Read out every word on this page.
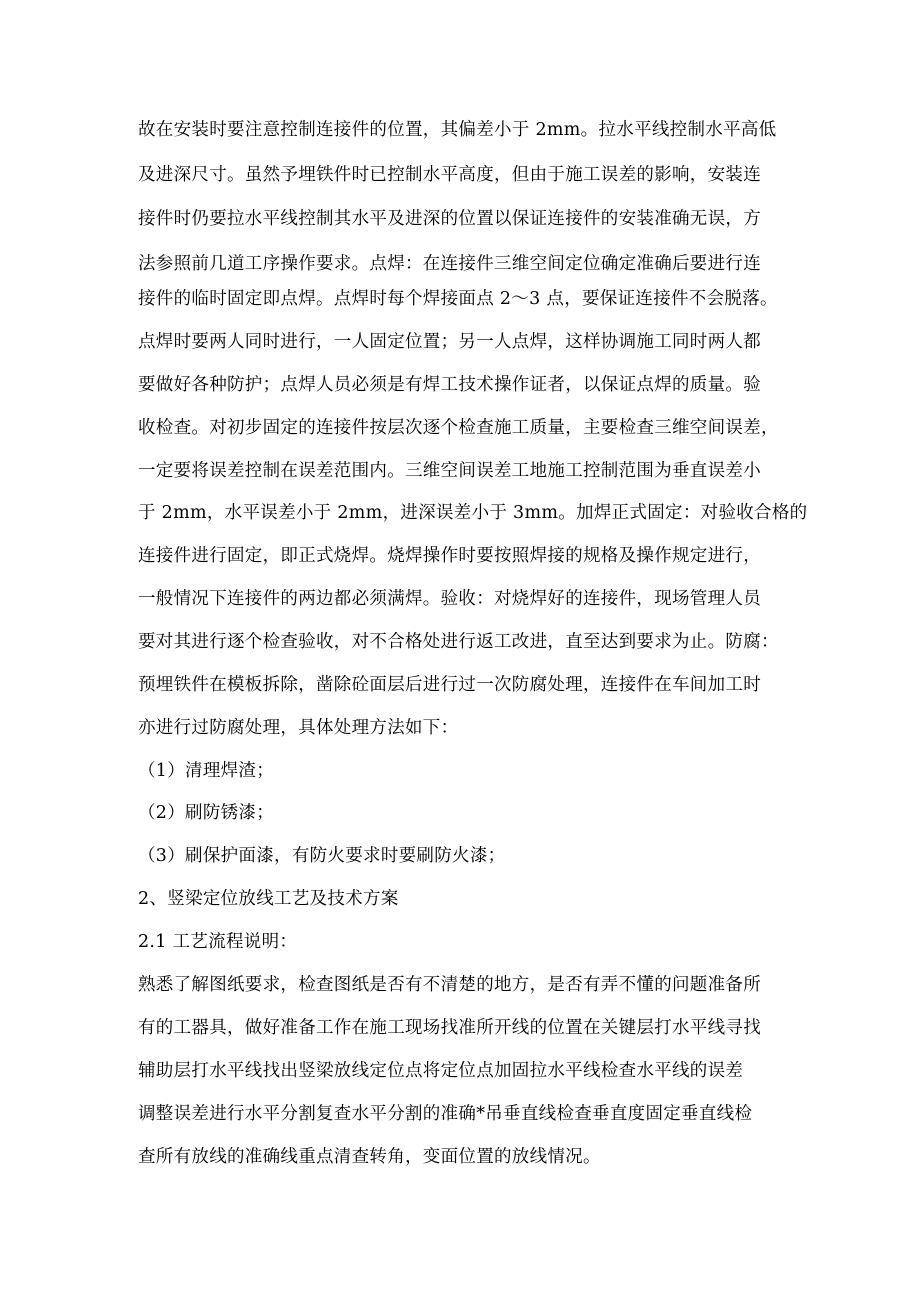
故在安装时要注意控制连接件的位置，其偏差小于 2mm。拉水平线控制水平高低
及进深尺寸。虽然予埋铁件时已控制水平高度，但由于施工误差的影响，安装连
接件时仍要拉水平线控制其水平及进深的位置以保证连接件的安装准确无误，方
法参照前几道工序操作要求。点焊：在连接件三维空间定位确定准确后要进行连
接件的临时固定即点焊。点焊时每个焊接面点 2～3 点，要保证连接件不会脱落。
点焊时要两人同时进行，一人固定位置；另一人点焊，这样协调施工同时两人都
要做好各种防护；点焊人员必须是有焊工技术操作证者，以保证点焊的质量。验
收检查。对初步固定的连接件按层次逐个检查施工质量，主要检查三维空间误差，
一定要将误差控制在误差范围内。三维空间误差工地施工控制范围为垂直误差小
于 2mm，水平误差小于 2mm，进深误差小于 3mm。加焊正式固定：对验收合格的
连接件进行固定，即正式烧焊。烧焊操作时要按照焊接的规格及操作规定进行，
一般情况下连接件的两边都必须满焊。验收：对烧焊好的连接件，现场管理人员
要对其进行逐个检查验收，对不合格处进行返工改进，直至达到要求为止。防腐：
预埋铁件在模板拆除，凿除砼面层后进行过一次防腐处理，连接件在车间加工时
亦进行过防腐处理，具体处理方法如下：
（1）清理焊渣；
（2）刷防锈漆；
（3）刷保护面漆，有防火要求时要刷防火漆；
2、竖梁定位放线工艺及技术方案
2.1 工艺流程说明：
熟悉了解图纸要求，检查图纸是否有不清楚的地方，是否有弄不懂的问题准备所
有的工器具，做好准备工作在施工现场找准所开线的位置在关键层打水平线寻找
辅助层打水平线找出竖梁放线定位点将定位点加固拉水平线检查水平线的误差
调整误差进行水平分割复查水平分割的准确*吊垂直线检查垂直度固定垂直线检
查所有放线的准确线重点清查转角，变面位置的放线情况。
